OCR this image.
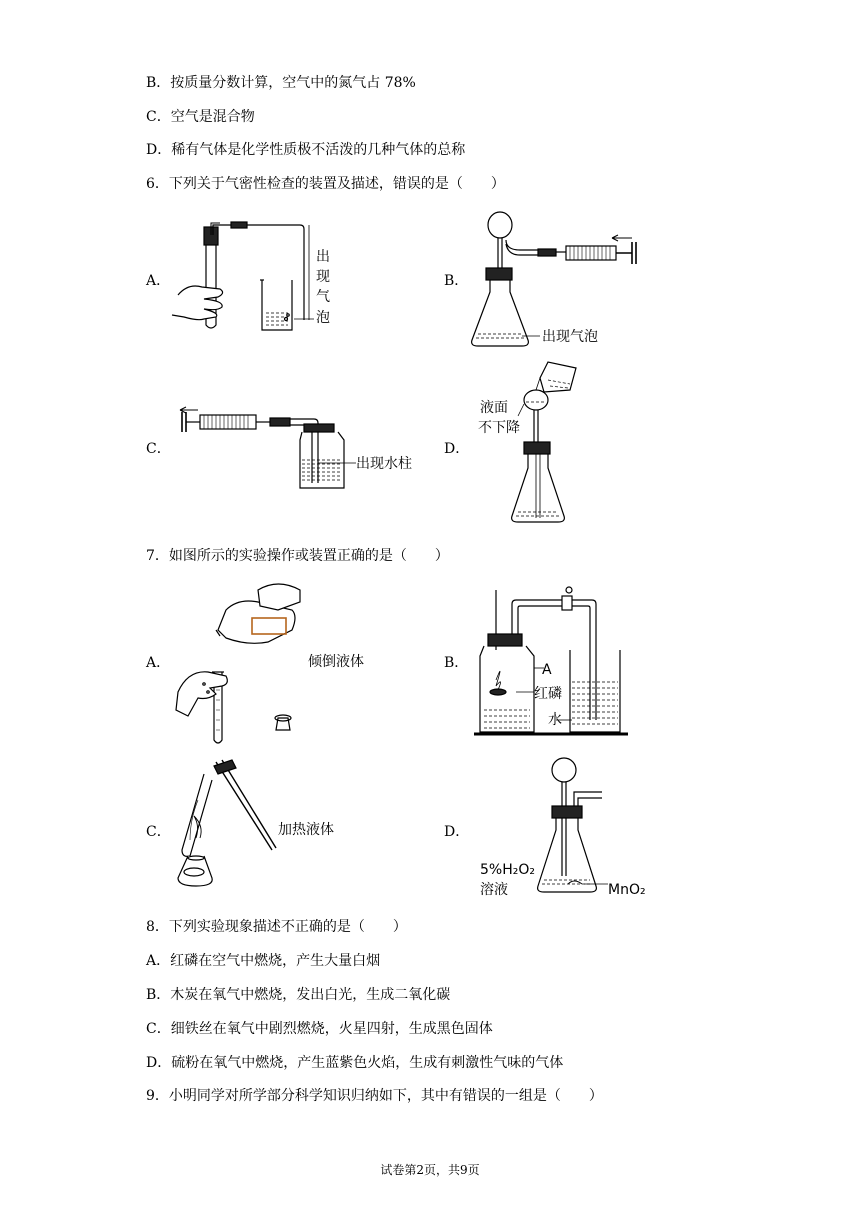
B．按质量分数计算，空气中的氮气占 78%
C．空气是混合物
D．稀有气体是化学性质极不活泼的几种气体的总称
6．下列关于气密性检查的装置及描述，错误的是（　　）
A．	B．
C．	D．
出
现
气
泡
出现气泡
出现水柱
液面
不下降
7．如图所示的实验操作或装置正确的是（　　）
A．	B．
C．	D．
倾倒液体	A
红磷
水
加热液体
5%H₂O₂
溶液	MnO₂
8．下列实验现象描述不正确的是（　　）
A．红磷在空气中燃烧，产生大量白烟
B．木炭在氧气中燃烧，发出白光，生成二氧化碳
C．细铁丝在氧气中剧烈燃烧，火星四射，生成黑色固体
D．硫粉在氧气中燃烧，产生蓝紫色火焰，生成有刺激性气味的气体
9．小明同学对所学部分科学知识归纳如下，其中有错误的一组是（　　）
试卷第2页，共9页
